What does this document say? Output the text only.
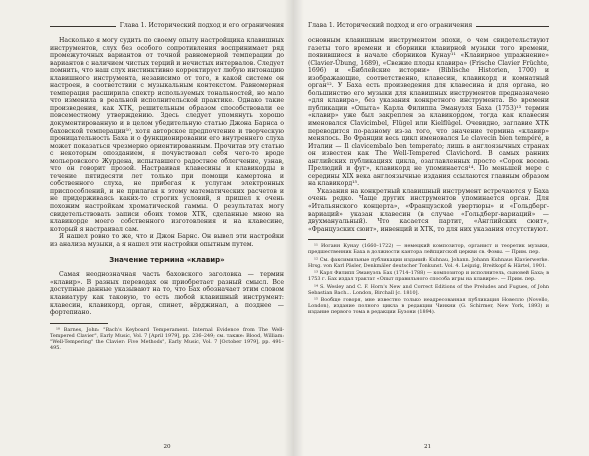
Глава 1. Исторический подход и его ограничения

Насколько я могу судить по своему опыту настройщика клавишных инструментов, слух без особого сопротивления воспринимает ряд промежуточных вариантов от точной равномерной темперации до вариантов с наличием чистых терций и нечистых интервалов. Следует помнить, что наш слух инстинктивно корректирует любую интонацию клавишного инструмента, независимо от того, в какой системе он настроен, в соответствии с музыкальным контекстом. Равномерная темперация расширила спектр используемых тональностей, но мало что изменила в реальной исполнительской практике. Однако такие произведения, как ХТК, решительным образом способствовали ее повсеместному утверждению. Здесь следует упомянуть хорошо документированную и в целом убедительную статью Джона Барнса о баховской темперации¹⁰, хотя авторское предпочтение и творческую проницательность Баха и о функционировании его внутреннего слуха может показаться чрезмерно ориентированным. Прочитав эту статью с некоторым опозданием, я почувствовал себя чего-то вроде мольеровского Журдена, испытавшего радостное облегчение, узнав, что он говорит прозой. Настраивая клавесины и клавикорды в течение пятидесяти лет только при помощи камертона и собственного слуха, не прибегая к услугам электронных приспособлений, и не прилагая к этому математических расчетов и не придерживаясь каких-то строгих условий, я пришел к очень похожим настройкам хроматической гаммы. О результатах могу свидетельствовать записи обоих томов ХТК, сделанные мною на клавикорде моего собственного изготовления и на клавесине, который я настраивал сам.

Я нашел ровно то же, что и Джон Барнс. Он вывел эти настройки из анализа музыки, а я нашел эти настройки опытным путем.

Значение термина «клавир»

Самая неоднозначная часть баховского заголовка — термин «клавир». В разных переводах он приобретает разный смысл. Все доступные данные указывают на то, что Бах обозначает этим словом клавиатуру как таковую, то есть любой клавишный инструмент: клавесин, клавикорд, орган, спинет, вёрджинал, а позднее — фортепиано.

¹⁰ Barnes, John: "Bach's Keyboard Temperament. Internal Evidence from The Well-Tempered Clavier", Early Music, Vol. 7 [April 1979], pp. 236–249; см. также: Blood, William: "Well-Tempering" the Clavier: Five Methods", Early Music, Vol. 7 [October 1979], pp. 491–495.

20
Глава 1. Исторический подход и его ограничения

основным клавишным инструментом эпохи, о чем свидетельствуют газеты того времени и сборники клавирной музыки того времени, появившиеся в начале сборников Кунау¹¹ «Клавирное упражнение» (Clavier-Übung, 1689), «Свежие плоды клавира» (Frische Clavier Früchte, 1696) и «Библейские истории» (Biblische Historien, 1700) и изображающие, соответственно, клавесин, клавикорд и комнатный орган¹². У Баха есть произведения для клавесина и для органа, но большинство его музыки для клавишных инструментов предназначено «для клавира», без указания конкретного инструмента. Во времени публикации «Опыта» Карла Филиппа Эмануэля Баха (1753)¹³ термин «клавир» уже был закреплен за клавикордом, тогда как клавесин именовался Clavicimbel, Flügel или Kielflügel. Очевидно, заглавие ХТК переводится по-разному из-за того, что значение термина «клавир» менялось. Во Франции весь цикл именовался Le clavecin bien tempéré, в Италии — Il clavicembalo ben temperato; лишь в англоязычных странах он известен как The Well-Tempered Clavichord. В самых ранних английских публикациях цикла, озаглавленных просто «Сорок восемь Прелюдий и фуг», клавикорд не упоминается¹⁴. По меньшей мере с середины XIX века англоязычные издания ссылаются главным образом на клавикорд¹⁵.

Указания на конкретный клавишный инструмент встречаются у Баха очень редко. Чаще других инструментов упоминается орган. Для «Итальянского концерта», «Французской увертюры» и «Гольдберг-вариаций» указан клавесин (в случае «Гольдберг-вариаций» — двухмануальный). Что касается партит, «Английских сюит», «Французских сюит», инвенций и ХТК, то для них указания отсутствуют.

¹¹ Иоганн Кунау (1660–1722) — немецкий композитор, органист и теоретик музыки, предшественник Баха в должности кантора лейпцигской церкви св. Фомы. — Прим. пер.

¹² См. факсимильные публикации изданий: Kuhnau, Johann. Johann Kuhnaus Klavierwerke. Hrsg. von Karl Päsler, Denkmäler deutscher Tonkunst. Vol. 4. Leipzig, Breitkopf & Härtel, 1901.

¹³ Карл Филипп Эмануэль Бах (1714–1788) — композитор и исполнитель, сыновей Баха; в 1753 г. Бах издал трактат «Опыт правильного способа игры на клавире». — Прим. пер.

¹⁴ S. Wesley and C. F. Horn's New and Correct Editions of the Preludes and Fugues, of John Sebastian Bach… London, Birchall [c. 1810].

¹⁵ Вообще говоря, мне известно только неадресованная публикация Новелло (Novello, London), издание полного цикла в редакции Чинкни (G. Schirmer, New York, 1893) и издание первого тома в редакции Бузони (1894).

21
